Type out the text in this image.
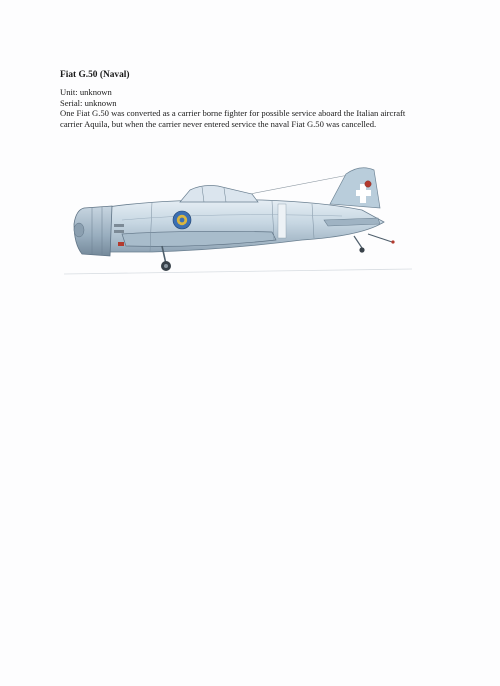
Fiat G.50 (Naval)
Unit: unknown
Serial: unknown
One Fiat G.50 was converted as a carrier borne fighter for possible service aboard the Italian aircraft carrier Aquila, but when the carrier never entered service the naval Fiat G.50 was cancelled.
